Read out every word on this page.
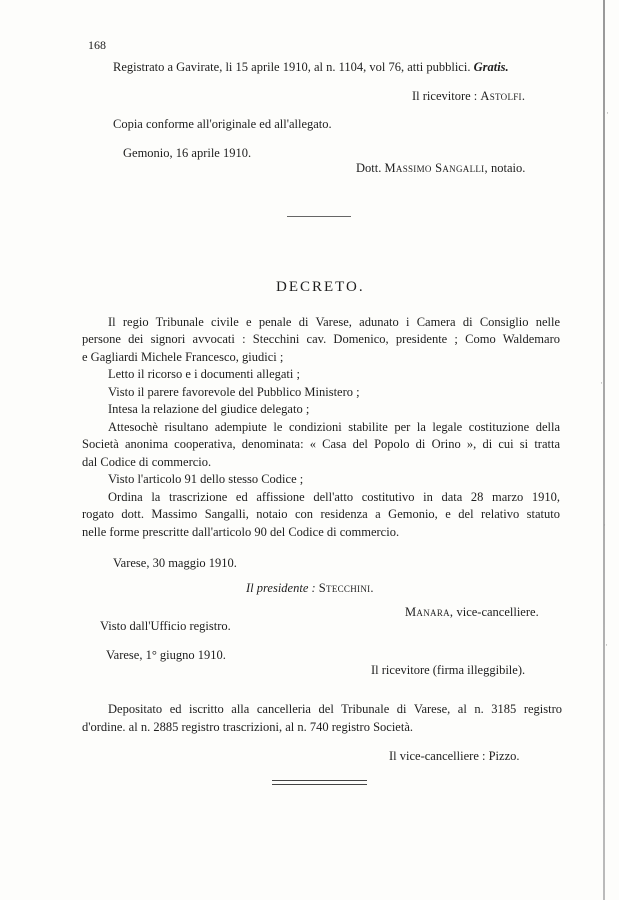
168
Registrato a Gavirate, li 15 aprile 1910, al n. 1104, vol 76, atti pubblici. Gratis.
Il ricevitore : Astolfi.
Copia conforme all'originale ed all'allegato.
Gemonio, 16 aprile 1910.
Dott. Massimo Sangalli, notaio.
DECRETO.
Il regio Tribunale civile e penale di Varese, adunato i Camera di Consiglio nelle
persone dei signori avvocati : Stecchini cav. Domenico, presidente ; Como Waldemaro
e Gagliardi Michele Francesco, giudici ;
Letto il ricorso e i documenti allegati ;
Visto il parere favorevole del Pubblico Ministero ;
Intesa la relazione del giudice delegato ;
Attesochè risultano adempiute le condizioni stabilite per la legale costituzione della
Società anonima cooperativa, denominata: « Casa del Popolo di Orino », di cui si tratta
dal Codice di commercio.
Visto l'articolo 91 dello stesso Codice ;
Ordina la trascrizione ed affissione dell'atto costitutivo in data 28 marzo 1910,
rogato dott. Massimo Sangalli, notaio con residenza a Gemonio, e del relativo statuto
nelle forme prescritte dall'articolo 90 del Codice di commercio.
Varese, 30 maggio 1910.
Il presidente : Stecchini.
Manara, vice-cancelliere.
Visto dall'Ufficio registro.
Varese, 1° giugno 1910.
Il ricevitore (firma illeggibile).
Depositato ed iscritto alla cancelleria del Tribunale di Varese, al n. 3185 registro
d'ordine. al n. 2885 registro trascrizioni, al n. 740 registro Società.
Il vice-cancelliere : Pizzo.
·
·
·
·
